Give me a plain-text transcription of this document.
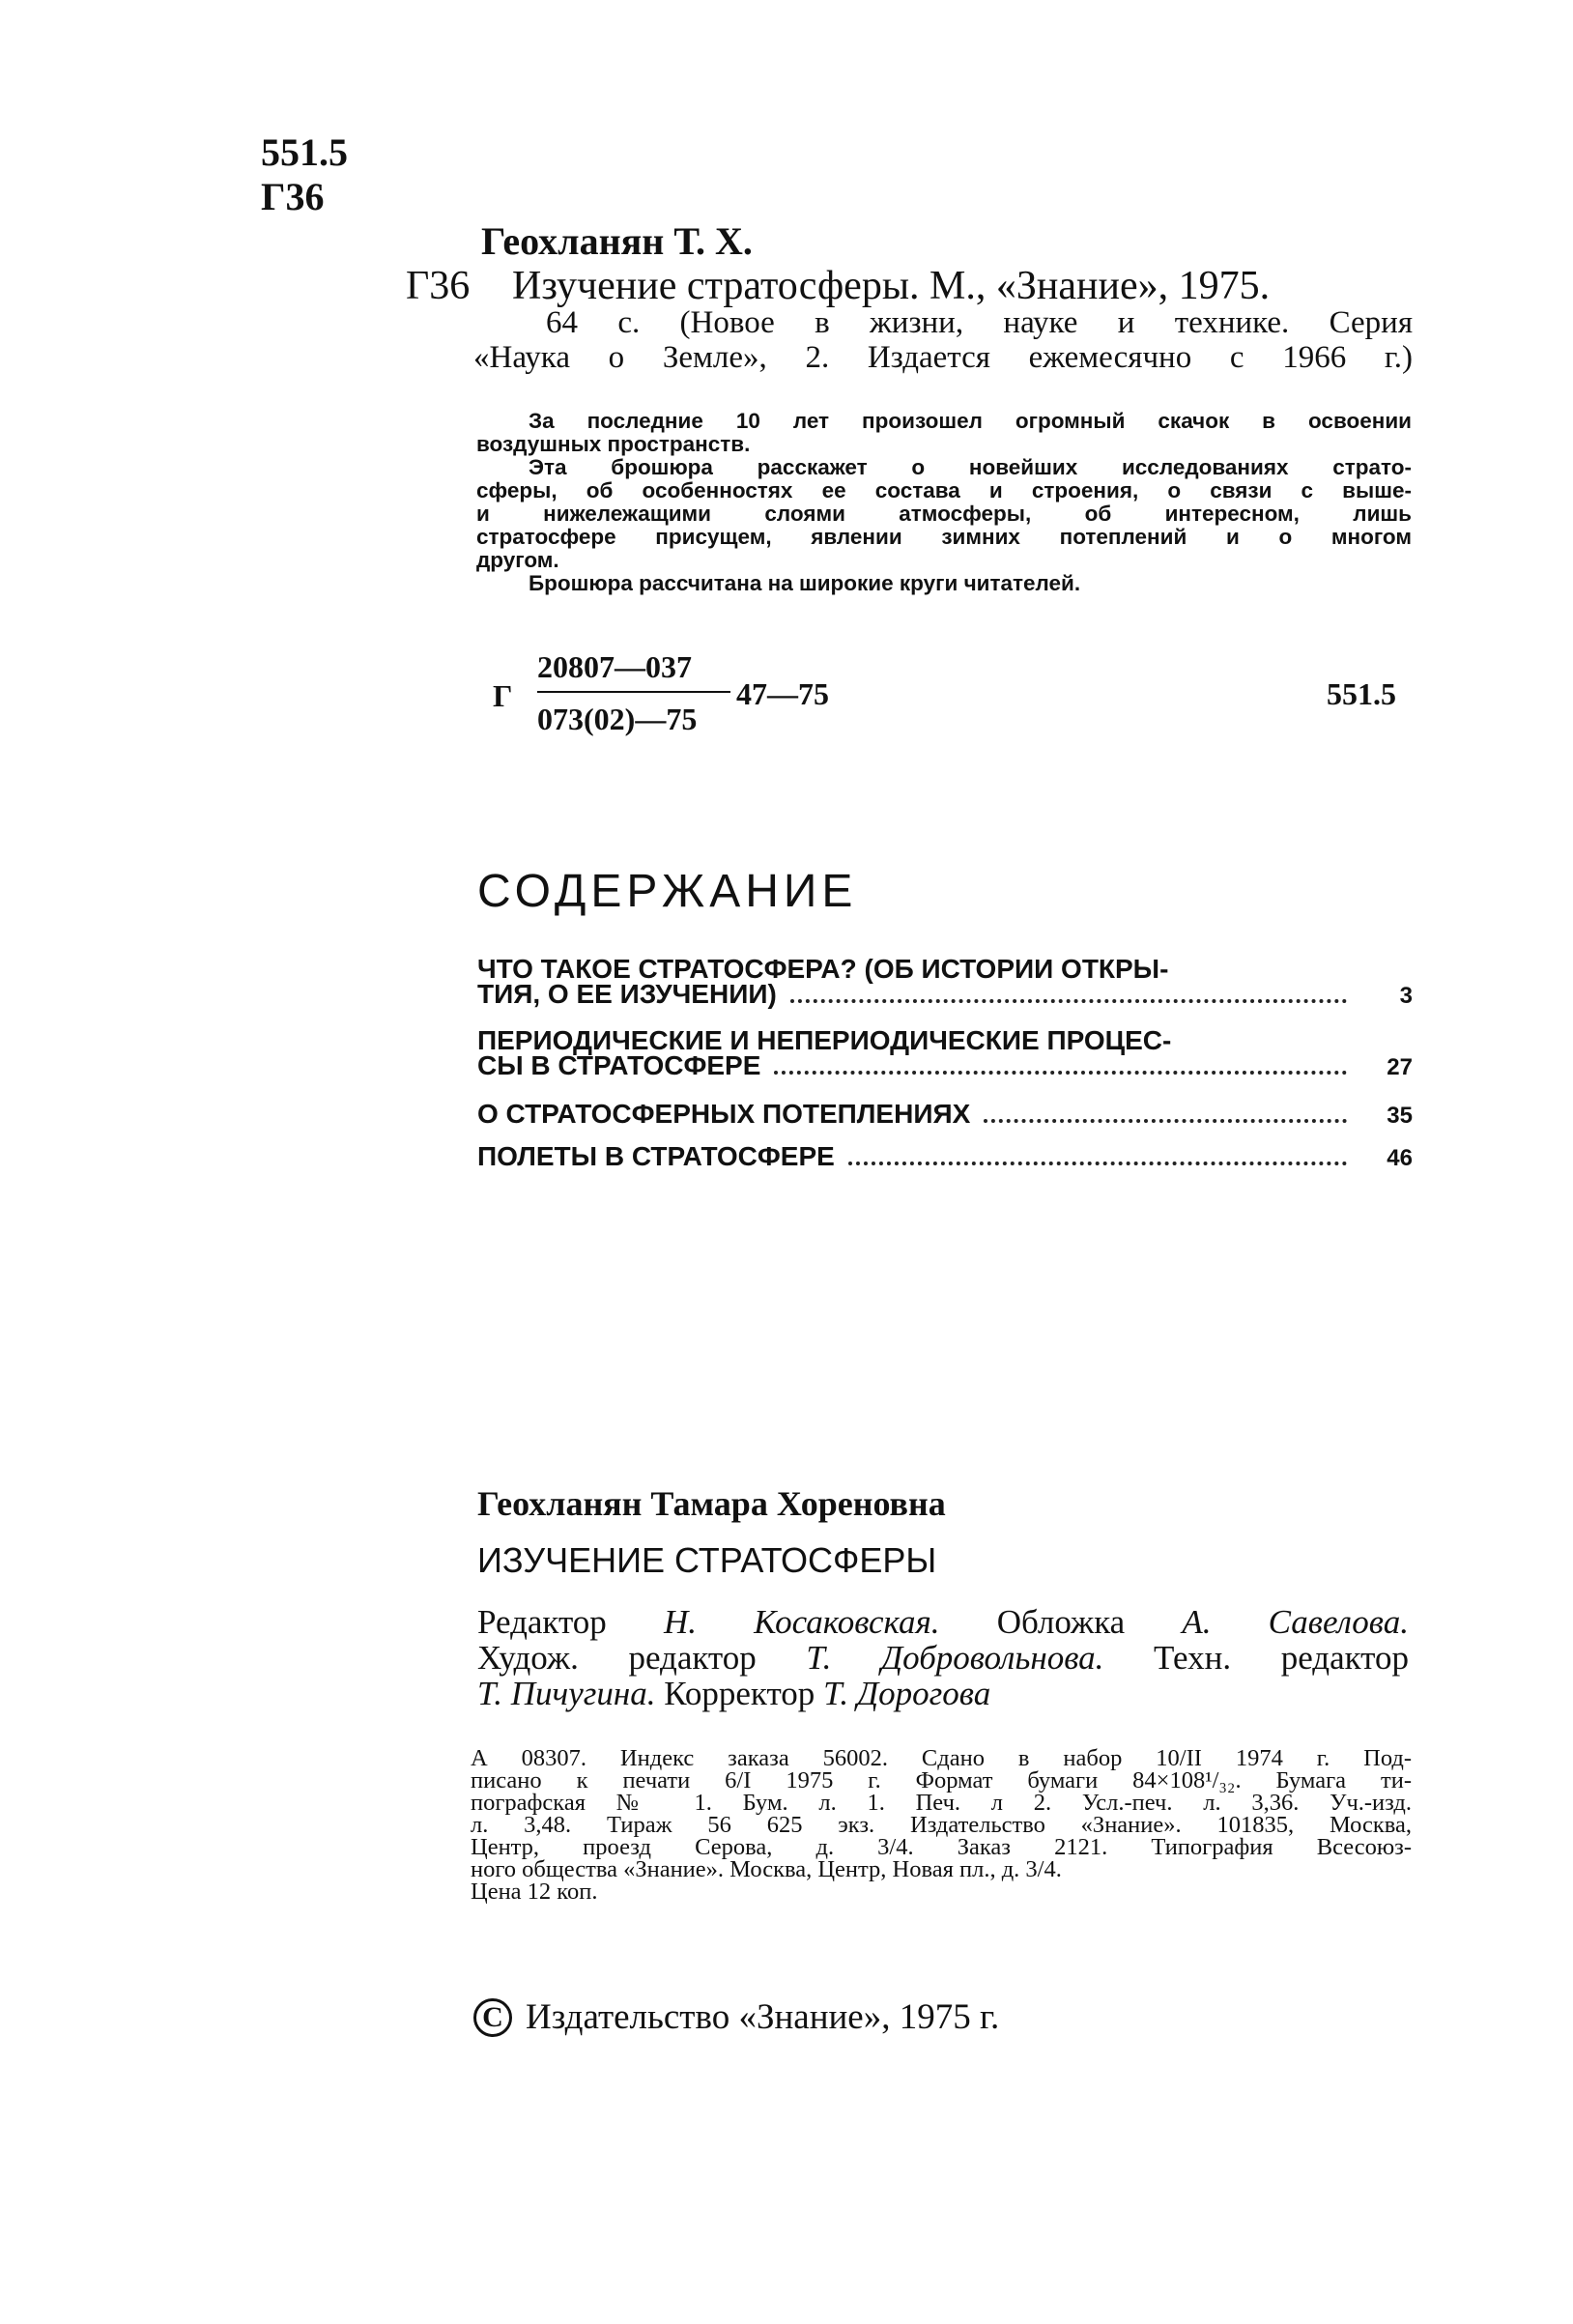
551.5
Г36
Геохланян Т. Х.
Г36 Изучение стратосферы. М., «Знание», 1975.
64 с. (Новое в жизни, науке и технике. Серия
«Наука о Земле», 2. Издается ежемесячно с 1966 г.)
За последние 10 лет произошел огромный скачок в освоении
воздушных пространств.
Эта брошюра расскажет о новейших исследованиях страто-
сферы, об особенностях ее состава и строения, о связи с выше-
и нижележащими слоями атмосферы, об интересном, лишь
стратосфере присущем, явлении зимних потеплений и о многом
другом.
Брошюра рассчитана на широкие круги читателей.
Г
20807—037
073(02)—75
47—75	551.5
СОДЕРЖАНИЕ
ЧТО ТАКОЕ СТРАТОСФЕРА? (ОБ ИСТОРИИ ОТКРЫ-
ТИЯ, О ЕЕ ИЗУЧЕНИИ)	3
ПЕРИОДИЧЕСКИЕ И НЕПЕРИОДИЧЕСКИЕ ПРОЦЕС-
СЫ В СТРАТОСФЕРЕ	27
О СТРАТОСФЕРНЫХ ПОТЕПЛЕНИЯХ	35
ПОЛЕТЫ В СТРАТОСФЕРЕ	46
Геохланян Тамара Хореновна
ИЗУЧЕНИЕ СТРАТОСФЕРЫ
Редактор Н. Косаковская. Обложка А. Савелова.
Худож. редактор Т. Добровольнова. Техн. редактор
Т. Пичугина. Корректор Т. Дорогова
А 08307. Индекс заказа 56002. Сдано в набор 10/II 1974 г. Под-
писано к печати 6/I 1975 г. Формат бумаги 84×108¹/₃₂. Бумага ти-
пографская № 1. Бум. л. 1. Печ. л 2. Усл.-печ. л. 3,36. Уч.-изд.
л. 3,48. Тираж 56 625 экз. Издательство «Знание». 101835, Москва,
Центр, проезд Серова, д. 3/4. Заказ 2121. Типография Всесоюз-
ного общества «Знание». Москва, Центр, Новая пл., д. 3/4.
Цена 12 коп.
C Издательство «Знание», 1975 г.
